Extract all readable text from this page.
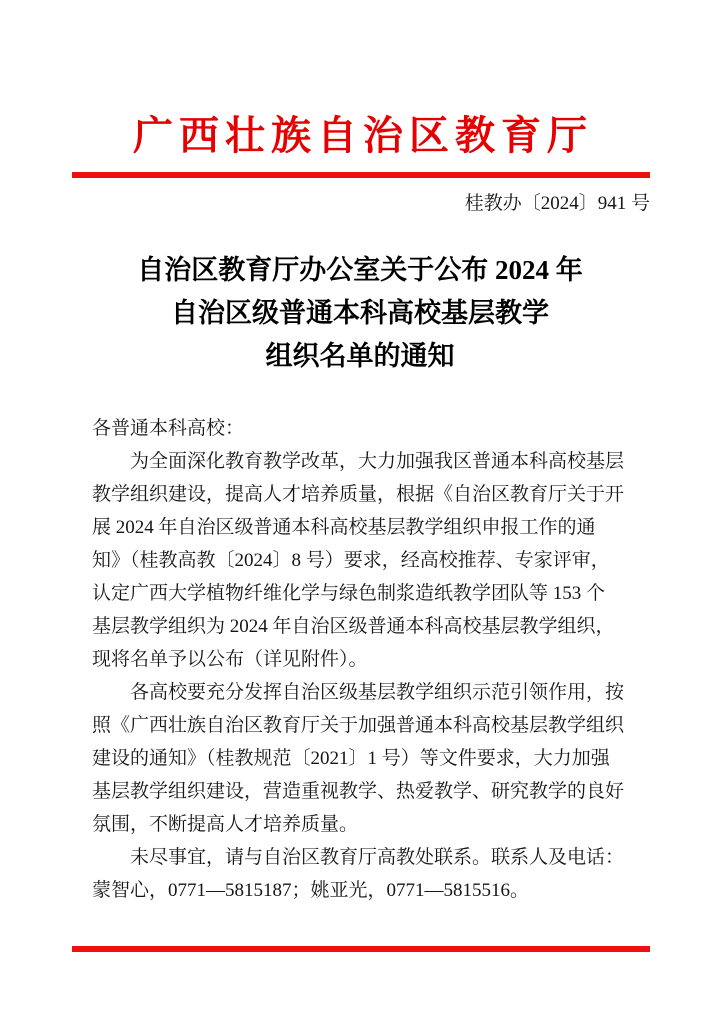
广西壮族自治区教育厅
桂教办〔2024〕941 号
自治区教育厅办公室关于公布 2024 年
自治区级普通本科高校基层教学
组织名单的通知
各普通本科高校：
为全面深化教育教学改革，大力加强我区普通本科高校基层
教学组织建设，提高人才培养质量，根据《自治区教育厅关于开
展 2024 年自治区级普通本科高校基层教学组织申报工作的通
知》（桂教高教〔2024〕8 号）要求，经高校推荐、专家评审，
认定广西大学植物纤维化学与绿色制浆造纸教学团队等 153 个
基层教学组织为 2024 年自治区级普通本科高校基层教学组织，
现将名单予以公布（详见附件）。
各高校要充分发挥自治区级基层教学组织示范引领作用，按
照《广西壮族自治区教育厅关于加强普通本科高校基层教学组织
建设的通知》（桂教规范〔2021〕1 号）等文件要求，大力加强
基层教学组织建设，营造重视教学、热爱教学、研究教学的良好
氛围，不断提高人才培养质量。
未尽事宜，请与自治区教育厅高教处联系。联系人及电话：
蒙智心，0771—5815187；姚亚光，0771—5815516。
